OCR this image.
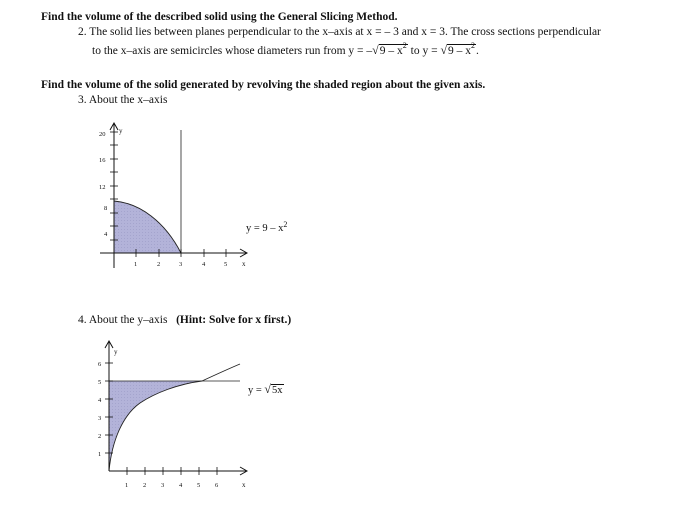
Find the volume of the described solid using the General Slicing Method.
2. The solid lies between planes perpendicular to the x–axis at x = – 3 and x = 3. The cross sections perpendicular
to the x–axis are semicircles whose diameters run from $y = -√9 - x^2$ to $y = √9 - x^2$.
Find the volume of the solid generated by revolving the shaded region about the given axis.
3. About the x–axis
20
16
12
8
4
y
1	2	3	4	5 x
$y = 9 - x^2$
4. About the y–axis (Hint: Solve for x first.)
6
5
4
3
2
1
y
1 2 3 4 5 6	x
y = √5x
